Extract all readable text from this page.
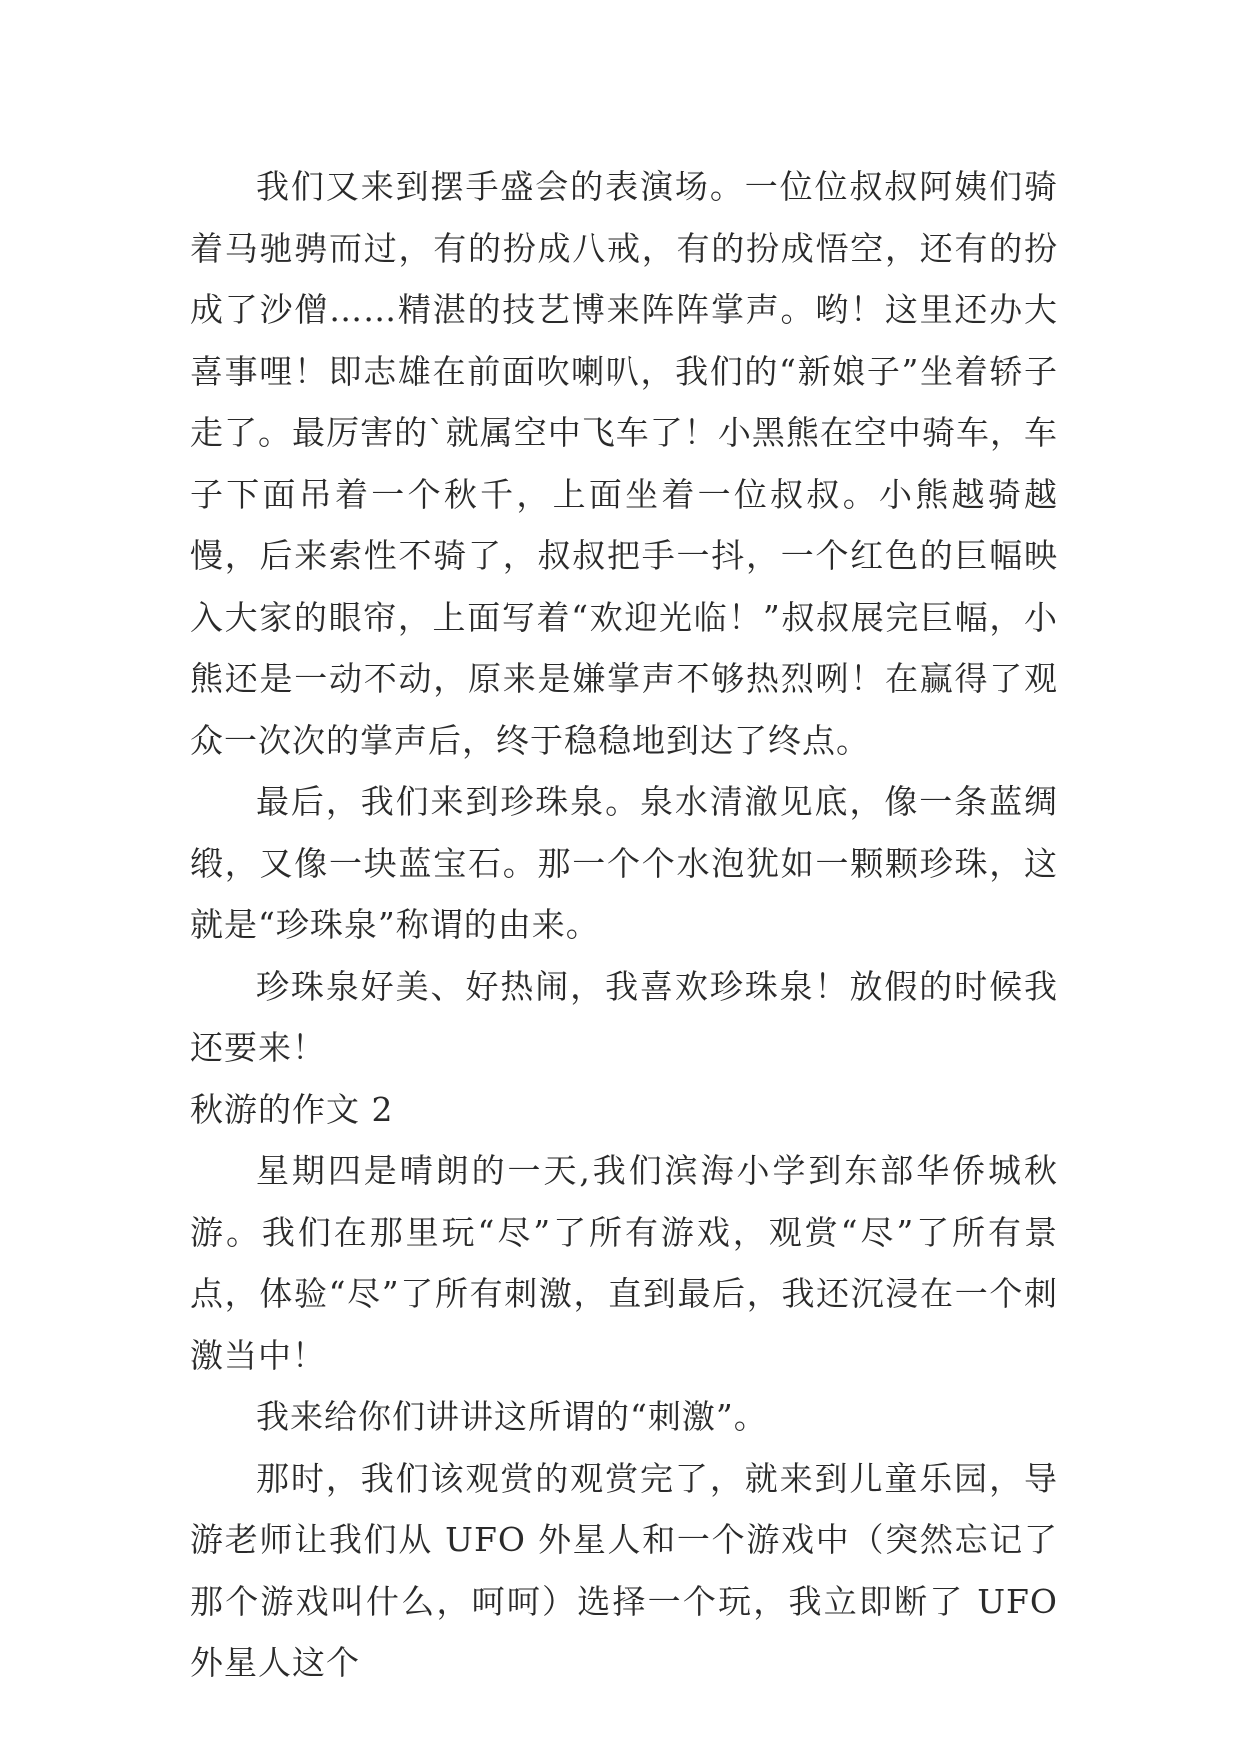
我们又来到摆手盛会的表演场。一位位叔叔阿姨们骑着马驰骋而过，有的扮成八戒，有的扮成悟空，还有的扮成了沙僧……精湛的技艺博来阵阵掌声。哟！这里还办大喜事哩！即志雄在前面吹喇叭，我们的“新娘子”坐着轿子走了。最厉害的`就属空中飞车了！小黑熊在空中骑车，车子下面吊着一个秋千，上面坐着一位叔叔。小熊越骑越慢，后来索性不骑了，叔叔把手一抖，一个红色的巨幅映入大家的眼帘，上面写着“欢迎光临！”叔叔展完巨幅，小熊还是一动不动，原来是嫌掌声不够热烈咧！在赢得了观众一次次的掌声后，终于稳稳地到达了终点。

最后，我们来到珍珠泉。泉水清澈见底，像一条蓝绸缎，又像一块蓝宝石。那一个个水泡犹如一颗颗珍珠，这就是“珍珠泉”称谓的由来。

珍珠泉好美、好热闹，我喜欢珍珠泉！放假的时候我还要来！

秋游的作文 2

星期四是晴朗的一天,我们滨海小学到东部华侨城秋游。我们在那里玩“尽”了所有游戏，观赏“尽”了所有景点，体验“尽”了所有刺激，直到最后，我还沉浸在一个刺激当中！

我来给你们讲讲这所谓的“刺激”。

那时，我们该观赏的观赏完了，就来到儿童乐园，导游老师让我们从 UFO 外星人和一个游戏中（突然忘记了那个游戏叫什么，呵呵）选择一个玩，我立即断了 UFO 外星人这个
